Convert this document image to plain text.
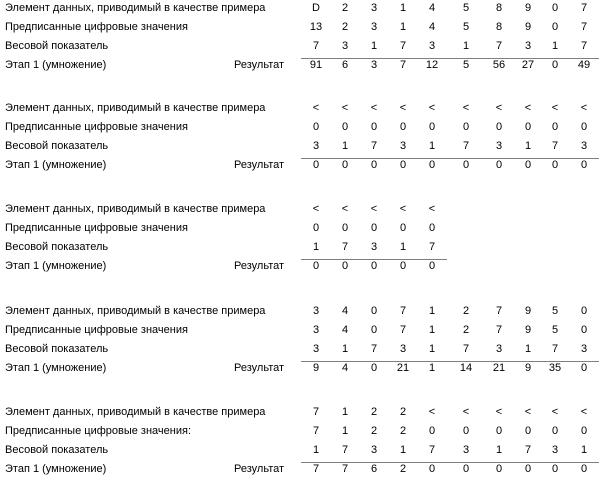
Элемент данных, приводимый в качестве примера	D	2	3	1	4	5	8	9	0	7
Предписанные цифровые значения	13	2	3	1	4	5	8	9	0	7
Весовой показатель	7	3	1	7	3	1	7	3	1	7
Этап 1 (умножение)	Результат	91	6	3	7	12	5	56	27	0	49
Элемент данных, приводимый в качестве примера	<	<	<	<	<	<	<	<	<	<
Предписанные цифровые значения	0	0	0	0	0	0	0	0	0	0
Весовой показатель	3	1	7	3	1	7	3	1	7	3
Этап 1 (умножение)	Результат	0	0	0	0	0	0	0	0	0	0
Элемент данных, приводимый в качестве примера	<	<	<	<	<
Предписанные цифровые значения	0	0	0	0	0
Весовой показатель	1	7	3	1	7
Этап 1 (умножение)	Результат	0	0	0	0	0
Элемент данных, приводимый в качестве примера	3	4	0	7	1	2	7	9	5	0
Предписанные цифровые значения	3	4	0	7	1	2	7	9	5	0
Весовой показатель	3	1	7	3	1	7	3	1	7	3
Этап 1 (умножение)	Результат	9	4	0	21	1	14	21	9	35	0
Элемент данных, приводимый в качестве примера	7	1	2	2	<	<	<	<	<	<
Предписанные цифровые значения:	7	1	2	2	0	0	0	0	0	0
Весовой показатель	1	7	3	1	7	3	1	7	3	1
Этап 1 (умножение)	Результат	7	7	6	2	0	0	0	0	0	0
